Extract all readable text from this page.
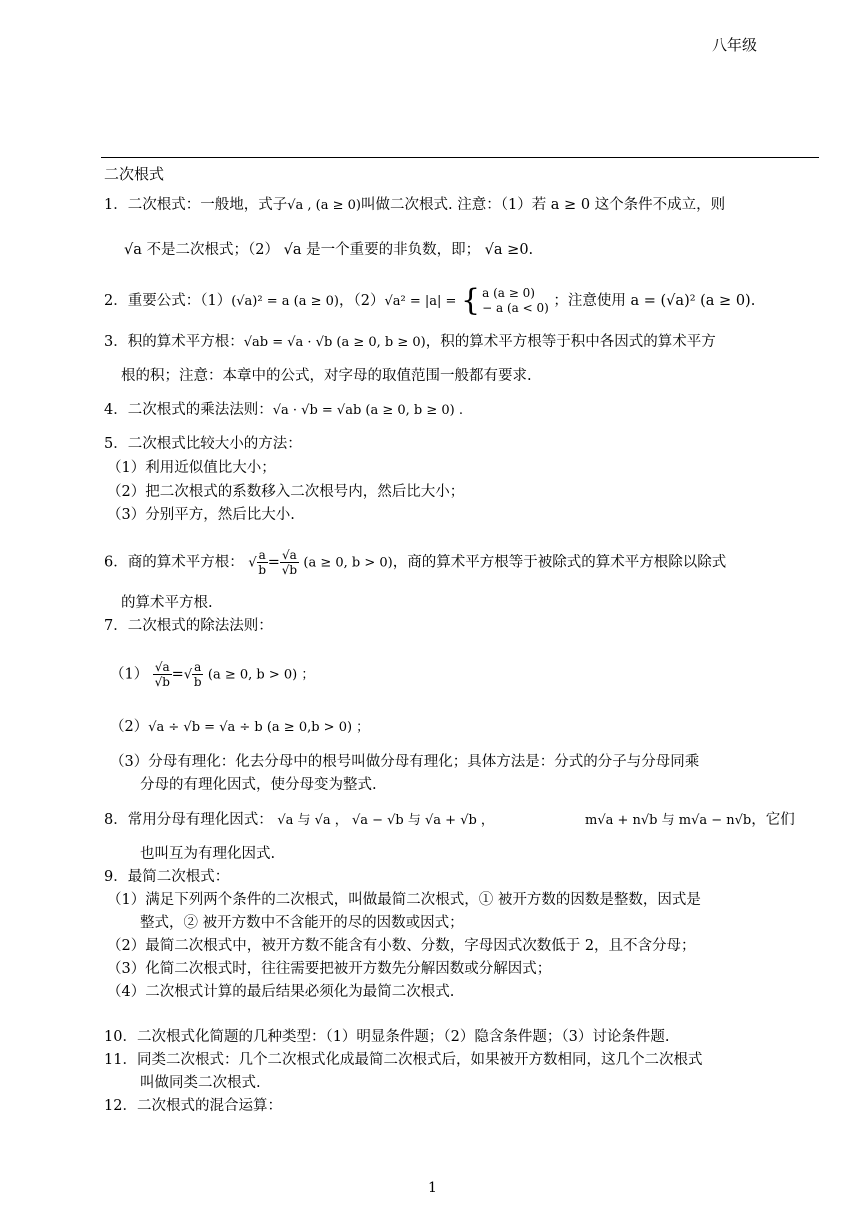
八年级
二次根式
1．二次根式：一般地，式子√a , (a ≥ 0)叫做二次根式. 注意：（1）若 a ≥ 0 这个条件不成立，则
√a 不是二次根式；（2） √a 是一个重要的非负数，即； √a ≥0.
2．重要公式：（1）(√a)² = a (a ≥ 0)，（2）√a² = |a| = { a (a ≥ 0)
− a (a < 0) ；注意使用 a = (√a)² (a ≥ 0).
3．积的算术平方根：√ab = √a · √b (a ≥ 0, b ≥ 0)，积的算术平方根等于积中各因式的算术平方
根的积；注意：本章中的公式，对字母的取值范围一般都有要求.
4．二次根式的乘法法则：√a · √b = √ab (a ≥ 0, b ≥ 0) .
5．二次根式比较大小的方法：
（1）利用近似值比大小；
（2）把二次根式的系数移入二次根号内，然后比大小；
（3）分别平方，然后比大小.
6．商的算术平方根： √ $\frac{a}{b} = \frac{√a}{√b} (a \ge 0$, b > 0)，商的算术平方根等于被除式的算术平方根除以除式
的算术平方根.
7．二次根式的除法法则：
$(1) \frac{√a}{√b}$ =√ $\frac{a}{b} (a \ge 0$, b > 0) ；
（2）√a ÷ √b = √a ÷ b (a ≥ 0,b > 0) ；
（3）分母有理化：化去分母中的根号叫做分母有理化；具体方法是：分式的分子与分母同乘
分母的有理化因式，使分母变为整式.
8．常用分母有理化因式： √a 与 √a ， √a − √b 与 √a + √b ，	m√a + n√b 与 m√a − n√b，它们
也叫互为有理化因式.
9．最简二次根式：
（1）满足下列两个条件的二次根式，叫做最简二次根式，① 被开方数的因数是整数，因式是
整式，② 被开方数中不含能开的尽的因数或因式；
（2）最简二次根式中，被开方数不能含有小数、分数，字母因式次数低于 2，且不含分母；
（3）化简二次根式时，往往需要把被开方数先分解因数或分解因式；
（4）二次根式计算的最后结果必须化为最简二次根式.
10．二次根式化简题的几种类型：（1）明显条件题；（2）隐含条件题；（3）讨论条件题.
11．同类二次根式：几个二次根式化成最简二次根式后，如果被开方数相同，这几个二次根式
叫做同类二次根式.
12．二次根式的混合运算：
1
